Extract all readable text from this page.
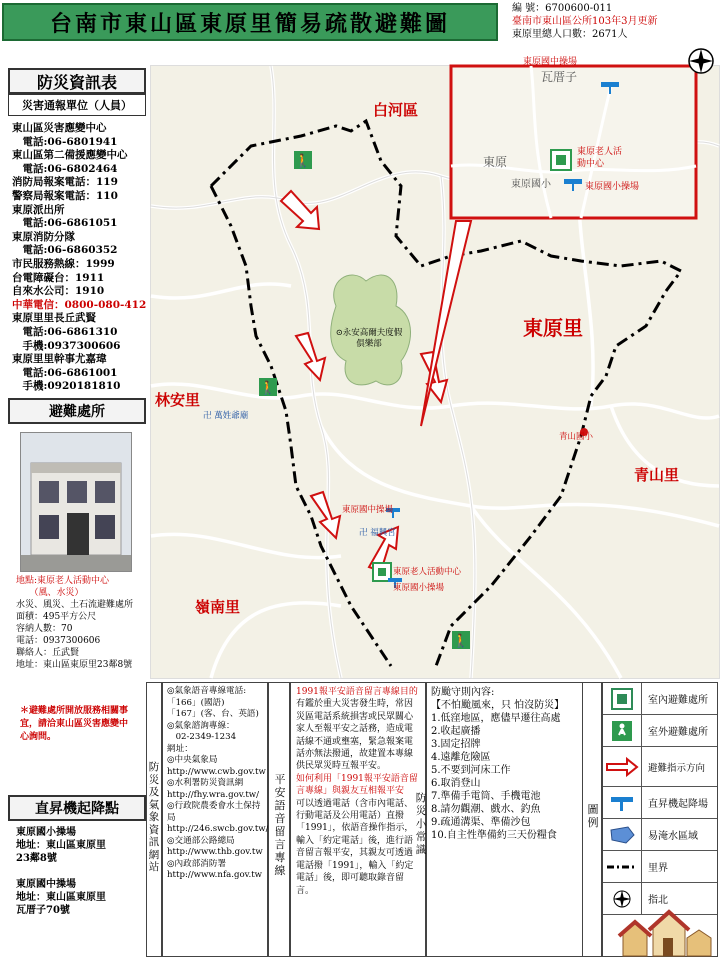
台南市東山區東原里簡易疏散避難圖
編 號：6700600-011
臺南市東山區公所103年3月更新
東原里總人口數：2671人
防災資訊表
災害通報單位（人員）
東山區災害應變中心
　電話:06-6801941
東山區第二備援應變中心
　電話:06-6802464
消防局報案電話：119
警察局報案電話：110
東原派出所
　電話:06-6861051
東原消防分隊
　電話:06-6860352
市民服務熱線：1999
台電障礙台：1911
自來水公司：1910
中華電信：0800-080-412
東原里里長丘武賢
　電話:06-6861310
　手機:0937300606
東原里里幹事尤嘉瑋
　電話:06-6861001
　手機:0920181810
避難處所
地點:東原老人活動中心
　　（風、水災）
水災、風災、土石流避難處所
面積：495平方公尺
容納人數：70
電話：0937300606
聯絡人：丘武賢
地址：東山區東原里23鄰8號
＊避難處所開放服務相關事宜，請洽東山區災害應變中心詢問。
直昇機起降點
東原國小操場
地址：東山區東原里
23鄰8號

東原國中操場
地址：東山區東原里
瓦厝子70號
🚶
🚶
🚶
白河區
東原里
林安里
青山里
嶺南里
⊙永安高爾夫度假俱樂部
卍 萬姓爺廟
卍 福興宮
青山國小
東原國中操場
東原老人活動中心
東原國小操場
東原國中操場
瓦厝子
東原
東原國小
東原老人活動中心
東原國小操場
防災及氣象資訊網站
◎氣象語音專線電話:
「166」(國語)
「167」(客、台、英語)
◎氣象諮詢專線：
　02-2349-1234
網址：
◎中央氣象局
http://www.cwb.gov.tw
◎水利署防災資訊網
http://fhy.wra.gov.tw/
◎行政院農委會水土保持局
http://246.swcb.gov.tw/
◎交通部公路總局
http://www.thb.gov.tw
◎內政部消防署
http://www.nfa.gov.tw
平安語音留言專線
1991報平安語音留言專線目的
有鑑於重大災害發生時，常因災區電話系統損害或民眾關心家人至報平安之話務，造成電話線不通或壅塞，緊急報案電話亦無法撥通，故建置本專線供民眾災時互報平安。
如何利用「1991報平安語音留言專線」與親友互相報平安
可以透過電話（含市內電話、行動電話及公用電話）直撥「1991」，依語音操作指示，輸入「約定電話」後，進行語音留言報平安，其親友可透過電話撥「1991」，輸入「約定電話」後，即可聽取錄音留言。
防颱守則內容:
【不怕颱風來，只 怕沒防災】
1.低窪地區，應儘早遷往高處
2.收起廣播
3.固定招牌
4.遠離危險區
5.不要到河床工作
6.取消登山
7.準備手電筒、手機電池
8.請勿觀潮、戲水、釣魚
9.疏通溝渠、準備沙包
10.自主性準備約三天份糧食
防災小常識
圖例
室內避難處所
室外避難處所
避難指示方向
直昇機起降場
易淹水區域
里界
指北
